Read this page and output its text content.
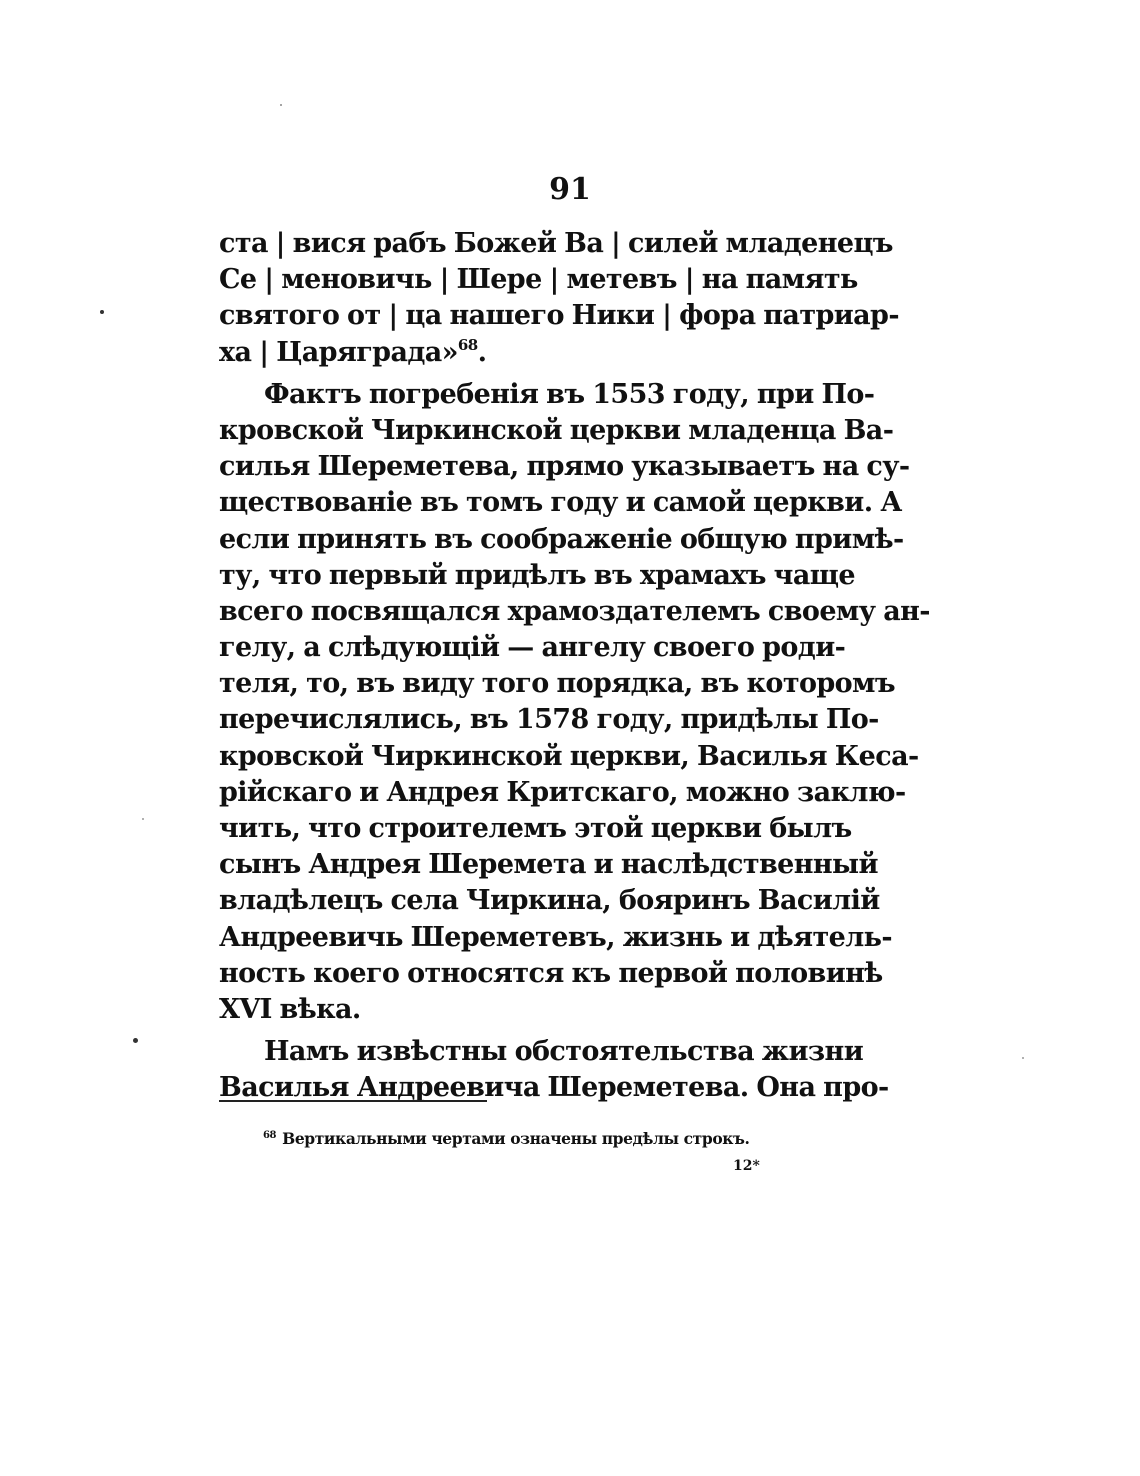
91
ста | вися рабъ Божей Ва | силей младенецъ
Се | меновичь | Шере | метевъ | на память
святого от | ца нашего Ники | фора патриар-
ха | Царяграда»$^{68}$.
Фактъ погребенія въ 1553 году, при По-
кровской Чиркинской церкви младенца Ва-
силья Шереметева, прямо указываетъ на су-
ществованіе въ томъ году и самой церкви. А
если принять въ соображеніе общую примѣ-
ту, что первый придѣлъ въ храмахъ чаще
всего посвящался храмоздателемъ своему ан-
гелу, а слѣдующій — ангелу своего роди-
теля, то, въ виду того порядка, въ которомъ
перечислялись, въ 1578 году, придѣлы По-
кровской Чиркинской церкви, Василья Кеса-
рійскаго и Андрея Критскаго, можно заклю-
чить, что строителемъ этой церкви былъ
сынъ Андрея Шеремета и наслѣдственный
владѣлецъ села Чиркина, бояринъ Василій
Андреевичь Шереметевъ, жизнь и дѣятель-
ность коего относятся къ первой половинѣ
XVI вѣка.
Намъ извѣстны обстоятельства жизни
Василья Андреевича Шереметева. Она про-
$^{68}$ Вертикальными чертами означены предѣлы строкъ.
12*
